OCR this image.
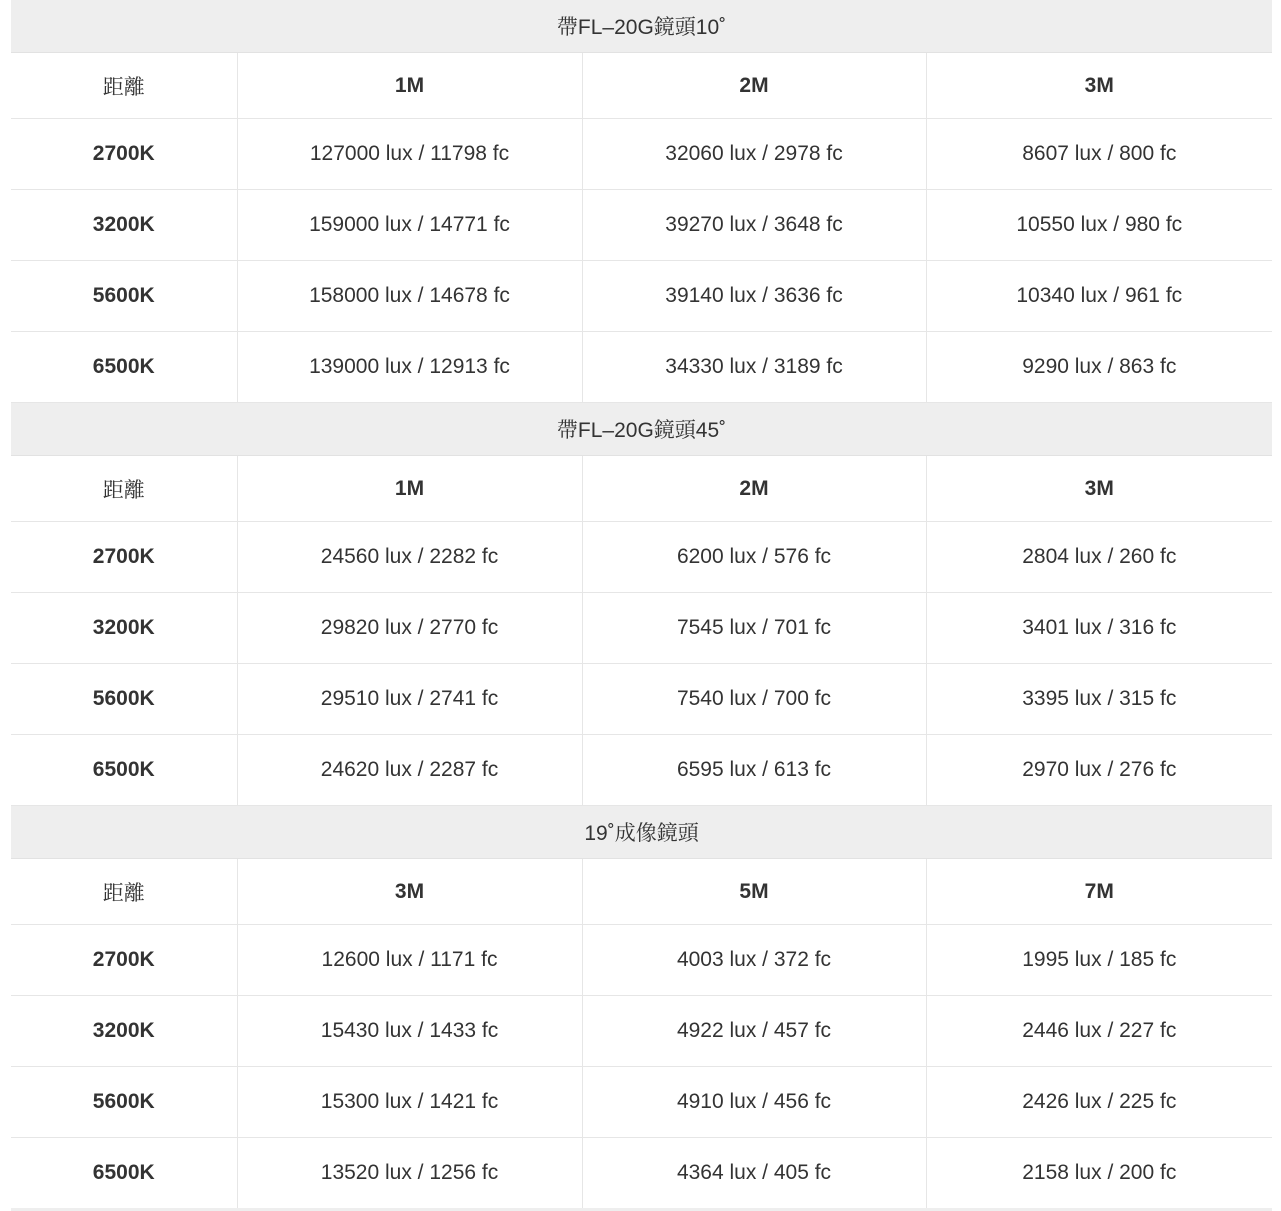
帶FL–20G鏡頭10˚			
距離	1M	2M	3M
2700K	127000 lux / 11798 fc	32060 lux / 2978 fc	8607 lux / 800 fc
3200K	159000 lux / 14771 fc	39270 lux / 3648 fc	10550 lux / 980 fc
5600K	158000 lux / 14678 fc	39140 lux / 3636 fc	10340 lux / 961 fc
6500K	139000 lux / 12913 fc	34330 lux / 3189 fc	9290 lux / 863 fc
帶FL–20G鏡頭45˚			
距離	1M	2M	3M
2700K	24560 lux / 2282 fc	6200 lux / 576 fc	2804 lux / 260 fc
3200K	29820 lux / 2770 fc	7545 lux / 701 fc	3401 lux / 316 fc
5600K	29510 lux / 2741 fc	7540 lux / 700 fc	3395 lux / 315 fc
6500K	24620 lux / 2287 fc	6595 lux / 613 fc	2970 lux / 276 fc
19˚成像鏡頭			
距離	3M	5M	7M
2700K	12600 lux / 1171 fc	4003 lux / 372 fc	1995 lux / 185 fc
3200K	15430 lux / 1433 fc	4922 lux / 457 fc	2446 lux / 227 fc
5600K	15300 lux / 1421 fc	4910 lux / 456 fc	2426 lux / 225 fc
6500K	13520 lux / 1256 fc	4364 lux / 405 fc	2158 lux / 200 fc
